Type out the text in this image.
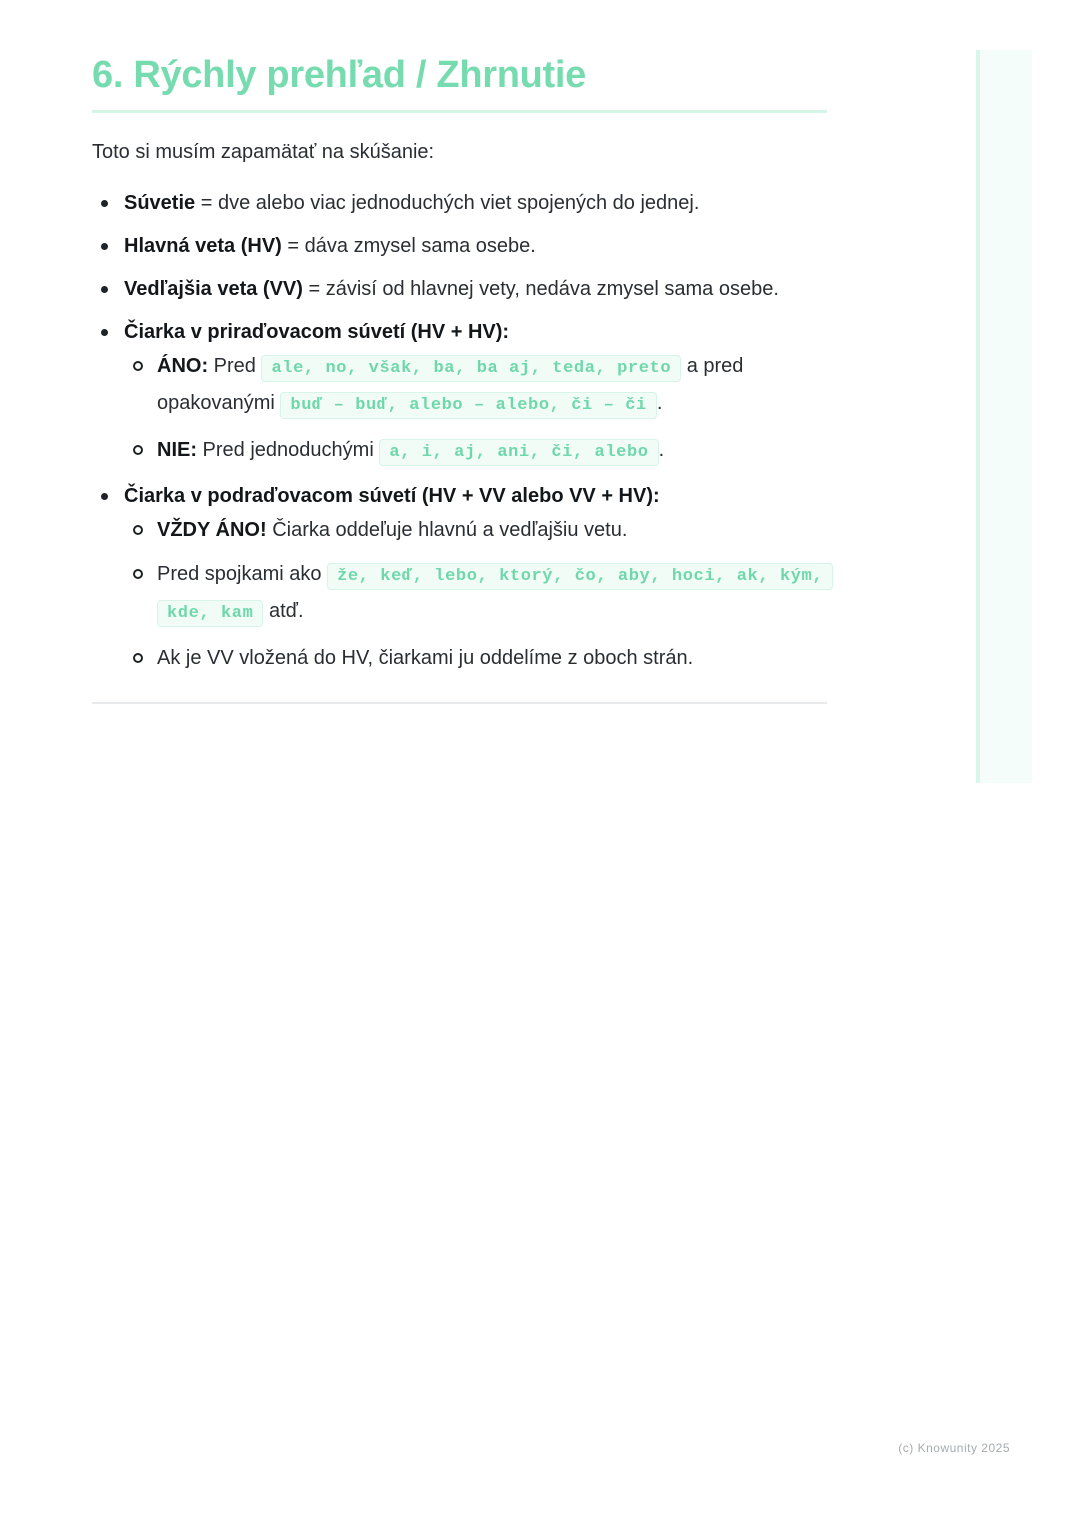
6. Rýchly prehľad / Zhrnutie

Toto si musím zapamätať na skúšanie:

Súvetie = dve alebo viac jednoduchých viet spojených do jednej.
Hlavná veta (HV) = dáva zmysel sama osebe.
Vedľajšia veta (VV) = závisí od hlavnej vety, nedáva zmysel sama osebe.
Čiarka v priraďovacom súvetí (HV + HV):
ÁNO: Pred ale, no, však, ba, ba aj, teda, preto a pred opakovanými buď – buď, alebo – alebo, či – či .
NIE: Pred jednoduchými a, i, aj, ani, či, alebo .
Čiarka v podraďovacom súvetí (HV + VV alebo VV + HV):
VŽDY ÁNO! Čiarka oddeľuje hlavnú a vedľajšiu vetu.
Pred spojkami ako že, keď, lebo, ktorý, čo, aby, hoci, ak, kým, kde, kam atď.
Ak je VV vložená do HV, čiarkami ju oddelíme z oboch strán.
(c) Knowunity 2025
